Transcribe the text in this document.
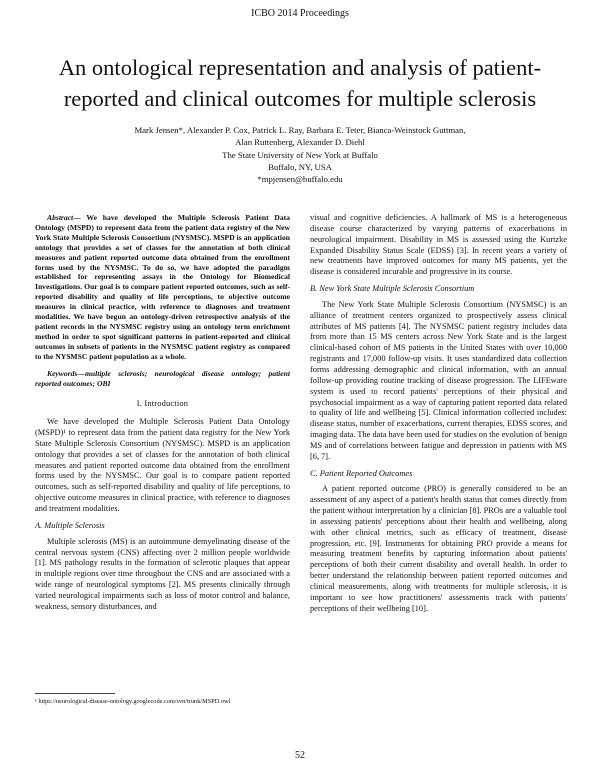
ICBO 2014 Proceedings
An ontological representation and analysis of patient-reported and clinical outcomes for multiple sclerosis
Mark Jensen*, Alexander P. Cox, Patrick L. Ray, Barbara E. Teter, Bianca-Weinstock Guttman,
Alan Ruttenberg, Alexander D. Diehl
The State University of New York at Buffalo
Buffalo, NY, USA
*mpjensen@buffalo.edu

Abstract— We have developed the Multiple Sclerosis Patient Data Ontology (MSPD) to represent data from the patient data registry of the New York State Multiple Sclerosis Consortium (NYSMSC). MSPD is an application ontology that provides a set of classes for the annotation of both clinical measures and patient reported outcome data obtained from the enrollment forms used by the NYSMSC. To do so, we have adopted the paradigm established for representing assays in the Ontology for Biomedical Investigations. Our goal is to compare patient reported outcomes, such as self-reported disability and quality of life perceptions, to objective outcome measures in clinical practice, with reference to diagnoses and treatment modalities. We have begun an ontology-driven retrospective analysis of the patient records in the NYSMSC registry using an ontology term enrichment method in order to spot significant patterns in patient-reported and clinical outcomes in subsets of patients in the NYSMSC patient registry as compared to the NYSMSC patient population as a whole.

Keywords—multiple sclerosis; neurological disease ontology; patient reported outcomes; OBI

I. Introduction

We have developed the Multiple Sclerosis Patient Data Ontology (MSPD)¹ to represent data from the patient data registry for the New York State Multiple Sclerosis Consortium (NYSMSC). MSPD is an application ontology that provides a set of classes for the annotation of both clinical measures and patient reported outcome data obtained from the enrollment forms used by the NYSMSC. Our goal is to compare patient reported outcomes, such as self-reported disability and quality of life perceptions, to objective outcome measures in clinical practice, with reference to diagnoses and treatment modalities.

A. Multiple Sclerosis

Multiple sclerosis (MS) is an autoimmune demyelinating disease of the central nervous system (CNS) affecting over 2 million people worldwide [1]. MS pathology results in the formation of sclerotic plaques that appear in multiple regions over time throughout the CNS and are associated with a wide range of neurological symptoms [2]. MS presents clinically through varied neurological impairments such as loss of motor control and balance, weakness, sensory disturbances, and

visual and cognitive deficiencies. A hallmark of MS is a heterogeneous disease course characterized by varying patterns of exacerbations in neurological impairment. Disability in MS is assessed using the Kurtzke Expanded Disability Status Scale (EDSS) [3]. In recent years a variety of new treatments have improved outcomes for many MS patients, yet the disease is considered incurable and progressive in its course.

B. New York State Multiple Sclerosis Consortium

The New York State Multiple Sclerosis Consortium (NYSMSC) is an alliance of treatment centers organized to prospectively assess clinical attributes of MS patients [4]. The NYSMSC patient registry includes data from more than 15 MS centers across New York State and is the largest clinical-based cohort of MS patients in the United States with over 10,000 registrants and 17,000 follow-up visits. It uses standardized data collection forms addressing demographic and clinical information, with an annual follow-up providing routine tracking of disease progression. The LIFEware system is used to record patients' perceptions of their physical and psychosocial impairment as a way of capturing patient reported data related to quality of life and wellbeing [5]. Clinical information collected includes: disease status, number of exacerbations, current therapies, EDSS scores, and imaging data. The data have been used for studies on the evolution of benign MS and of correlations between fatigue and depression in patients with MS [6, 7].

C. Patient Reported Outcomes

A patient reported outcome (PRO) is generally considered to be an assessment of any aspect of a patient's health status that comes directly from the patient without interpretation by a clinician [8]. PROs are a valuable tool in assessing patients' perceptions about their health and wellbeing, along with other clinical metrics, such as efficacy of treatment, disease progression, etc. [9]. Instruments for obtaining PRO provide a means for measuring treatment benefits by capturing information about patients' perceptions of both their current disability and overall health. In order to better understand the relationship between patient reported outcomes and clinical measurements, along with treatments for multiple sclerosis, it is important to see how practitioners' assessments track with patients' perceptions of their wellbeing [10].

¹ https://neurological-disease-ontology.googlecode.com/svn/trunk/MSPD.owl
52
